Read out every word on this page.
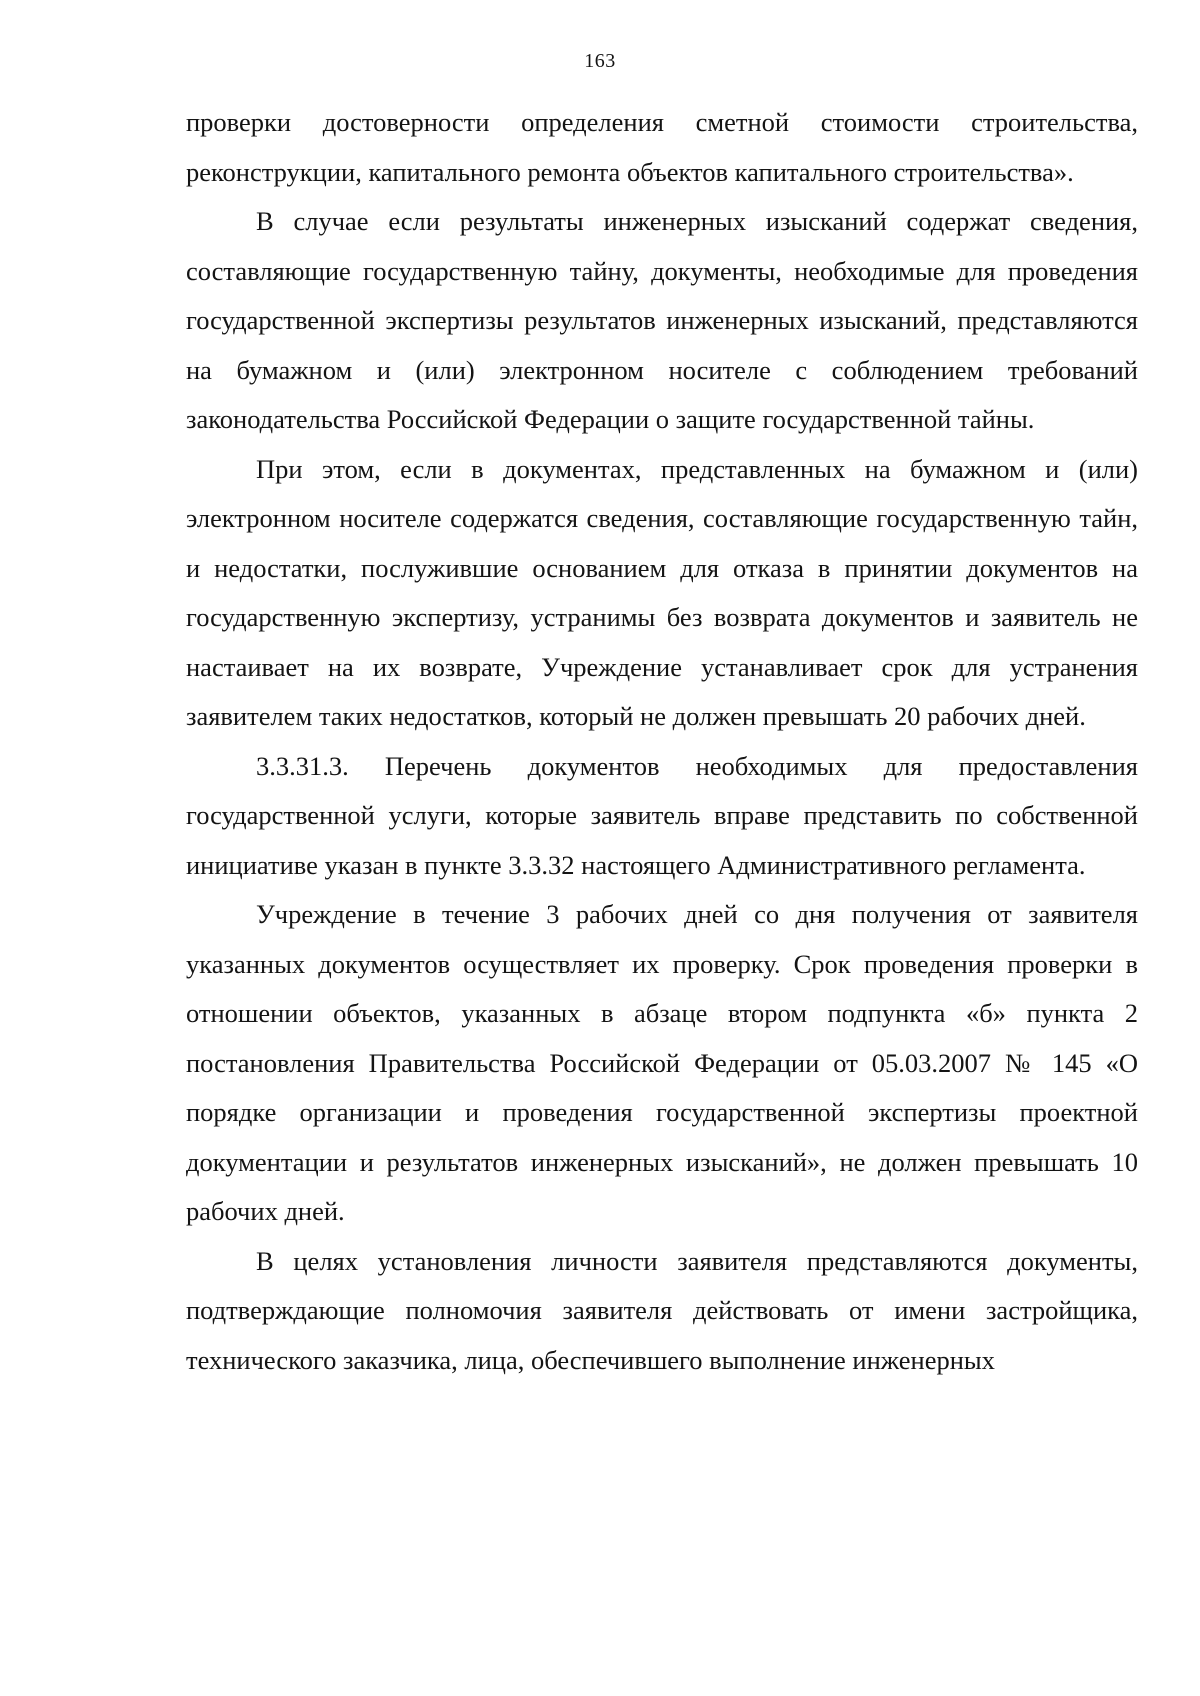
163

проверки достоверности определения сметной стоимости строительства, реконструкции, капитального ремонта объектов капитального строительства».

В случае если результаты инженерных изысканий содержат сведения, составляющие государственную тайну, документы, необходимые для проведения государственной экспертизы результатов инженерных изысканий, представляются на бумажном и (или) электронном носителе с соблюдением требований законодательства Российской Федерации о защите государственной тайны.

При этом, если в документах, представленных на бумажном и (или) электронном носителе содержатся сведения, составляющие государственную тайн, и недостатки, послужившие основанием для отказа в принятии документов на государственную экспертизу, устранимы без возврата документов и заявитель не настаивает на их возврате, Учреждение устанавливает срок для устранения заявителем таких недостатков, который не должен превышать 20 рабочих дней.

3.3.31.3. Перечень документов необходимых для предоставления государственной услуги, которые заявитель вправе представить по собственной инициативе указан в пункте 3.3.32 настоящего Административного регламента.

Учреждение в течение 3 рабочих дней со дня получения от заявителя указанных документов осуществляет их проверку. Срок проведения проверки в отношении объектов, указанных в абзаце втором подпункта «б» пункта 2 постановления Правительства Российской Федерации от 05.03.2007 № 145 «О порядке организации и проведения государственной экспертизы проектной документации и результатов инженерных изысканий», не должен превышать 10 рабочих дней.

В целях установления личности заявителя представляются документы, подтверждающие полномочия заявителя действовать от имени застройщика, технического заказчика, лица, обеспечившего выполнение инженерных
